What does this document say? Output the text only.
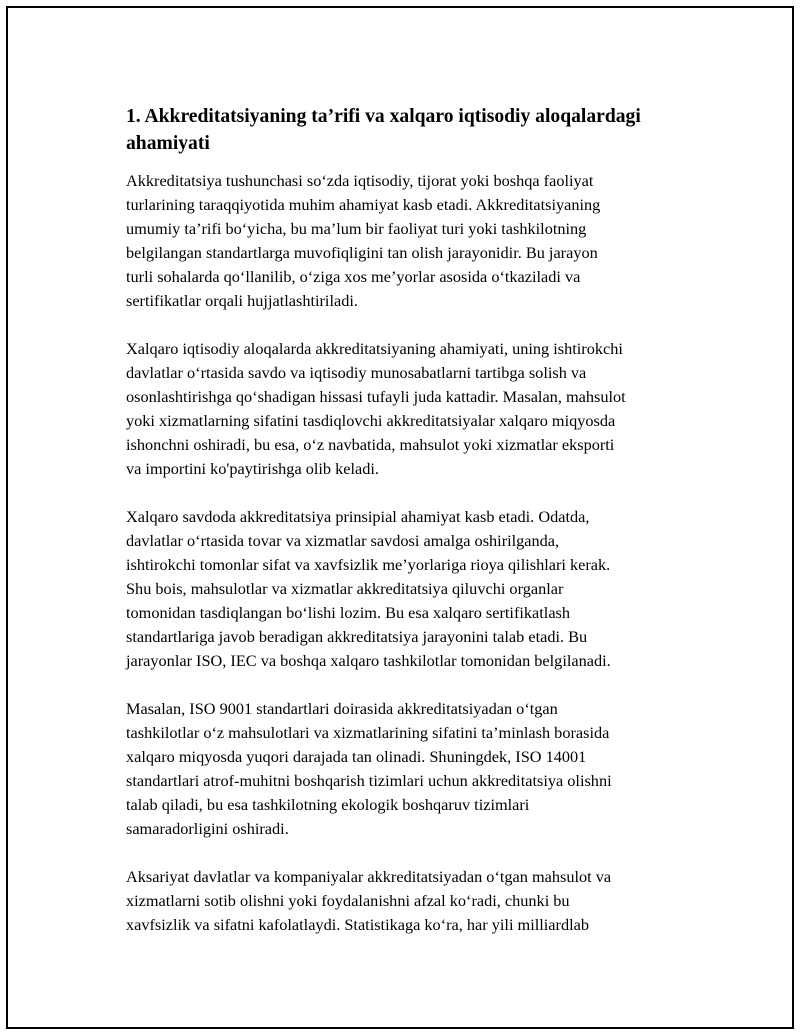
1. Akkreditatsiyaning ta’rifi va xalqaro iqtisodiy aloqalardagi ahamiyati

Akkreditatsiya tushunchasi so‘zda iqtisodiy, tijorat yoki boshqa faoliyat
turlarining taraqqiyotida muhim ahamiyat kasb etadi. Akkreditatsiyaning
umumiy ta’rifi bo‘yicha, bu ma’lum bir faoliyat turi yoki tashkilotning
belgilangan standartlarga muvofiqligini tan olish jarayonidir. Bu jarayon
turli sohalarda qo‘llanilib, o‘ziga xos me’yorlar asosida o‘tkaziladi va
sertifikatlar orqali hujjatlashtiriladi.

Xalqaro iqtisodiy aloqalarda akkreditatsiyaning ahamiyati, uning ishtirokchi
davlatlar o‘rtasida savdo va iqtisodiy munosabatlarni tartibga solish va
osonlashtirishga qo‘shadigan hissasi tufayli juda kattadir. Masalan, mahsulot
yoki xizmatlarning sifatini tasdiqlovchi akkreditatsiyalar xalqaro miqyosda
ishonchni oshiradi, bu esa, o‘z navbatida, mahsulot yoki xizmatlar eksporti
va importini ko'paytirishga olib keladi.

Xalqaro savdoda akkreditatsiya prinsipial ahamiyat kasb etadi. Odatda,
davlatlar o‘rtasida tovar va xizmatlar savdosi amalga oshirilganda,
ishtirokchi tomonlar sifat va xavfsizlik me’yorlariga rioya qilishlari kerak.
Shu bois, mahsulotlar va xizmatlar akkreditatsiya qiluvchi organlar
tomonidan tasdiqlangan bo‘lishi lozim. Bu esa xalqaro sertifikatlash
standartlariga javob beradigan akkreditatsiya jarayonini talab etadi. Bu
jarayonlar ISO, IEC va boshqa xalqaro tashkilotlar tomonidan belgilanadi.

Masalan, ISO 9001 standartlari doirasida akkreditatsiyadan o‘tgan
tashkilotlar o‘z mahsulotlari va xizmatlarining sifatini ta’minlash borasida
xalqaro miqyosda yuqori darajada tan olinadi. Shuningdek, ISO 14001
standartlari atrof-muhitni boshqarish tizimlari uchun akkreditatsiya olishni
talab qiladi, bu esa tashkilotning ekologik boshqaruv tizimlari
samaradorligini oshiradi.

Aksariyat davlatlar va kompaniyalar akkreditatsiyadan o‘tgan mahsulot va
xizmatlarni sotib olishni yoki foydalanishni afzal ko‘radi, chunki bu
xavfsizlik va sifatni kafolatlaydi. Statistikaga ko‘ra, har yili milliardlab
